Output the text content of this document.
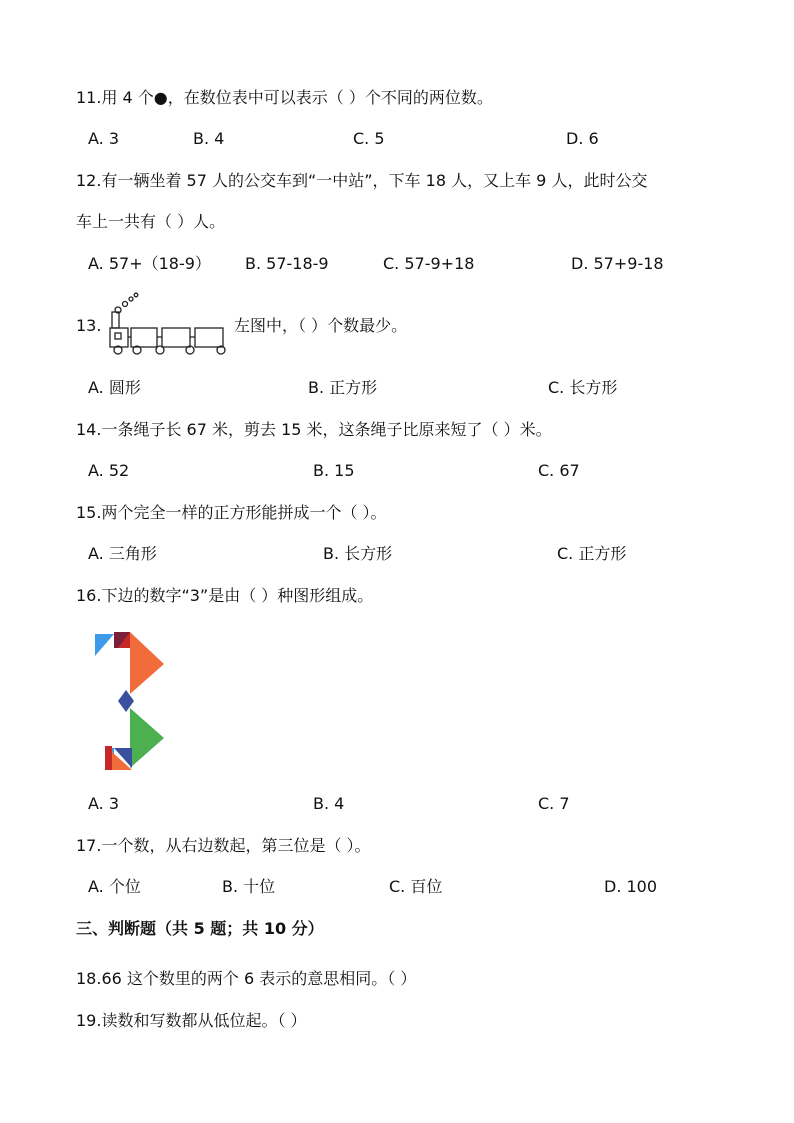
11.用 4 个●，在数位表中可以表示（ ）个不同的两位数。
A. 3	B. 4	C. 5	D. 6
12.有一辆坐着 57 人的公交车到“一中站”，下车 18 人，又上车 9 人，此时公交
车上一共有（ ）人。
A. 57+（18-9） B. 57-18-9	C. 57-9+18	D. 57+9-18
13.	左图中，（ ）个数最少。
A. 圆形	B. 正方形	C. 长方形
14.一条绳子长 67 米，剪去 15 米，这条绳子比原来短了（ ）米。
A. 52	B. 15	C. 67
15.两个完全一样的正方形能拼成一个（ ）。
A. 三角形	B. 长方形	C. 正方形
16.下边的数字“3”是由（ ）种图形组成。
A. 3	B. 4	C. 7
17.一个数，从右边数起，第三位是（ ）。
A. 个位	B. 十位	C. 百位	D. 100
三、判断题（共 5 题；共 10 分）
18.66 这个数里的两个 6 表示的意思相同。（ ）
19.读数和写数都从低位起。（ ）
